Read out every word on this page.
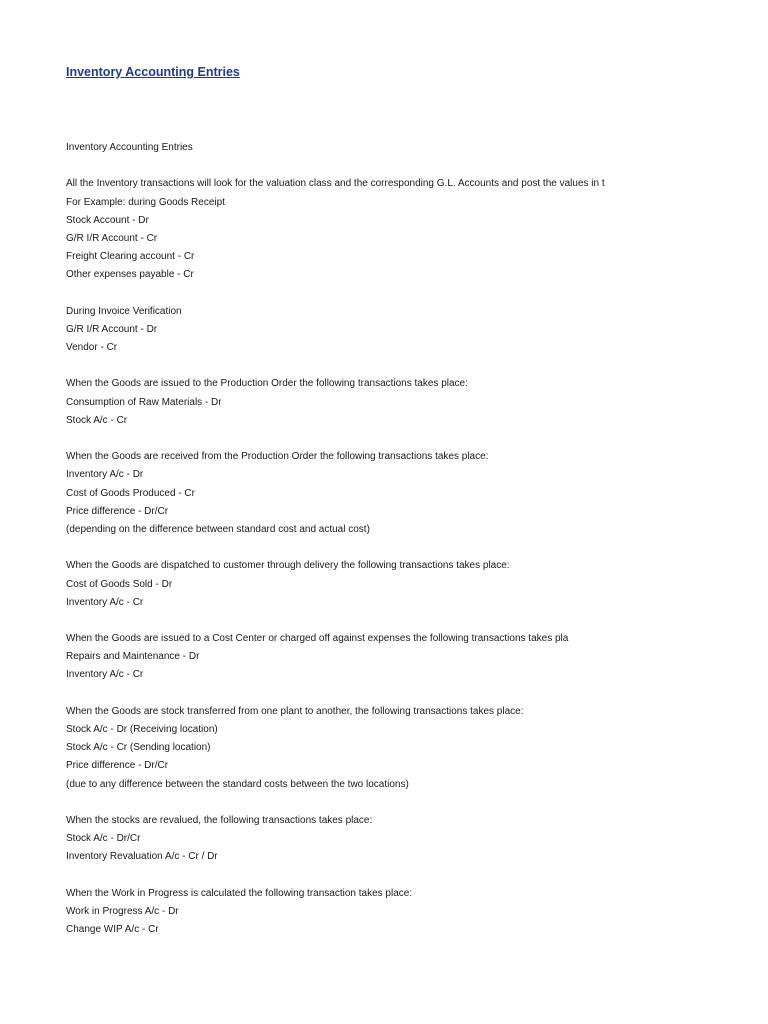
Inventory Accounting Entries
Inventory Accounting Entries
All the Inventory transactions will look for the valuation class and the corresponding G.L. Accounts and post the values in t
For Example: during Goods Receipt
Stock Account - Dr
G/R I/R Account - Cr
Freight Clearing account - Cr
Other expenses payable - Cr
During Invoice Verification
G/R I/R Account - Dr
Vendor - Cr
When the Goods are issued to the Production Order the following transactions takes place:
Consumption of Raw Materials - Dr
Stock A/c - Cr
When the Goods are received from the Production Order the following transactions takes place:
Inventory A/c - Dr
Cost of Goods Produced - Cr
Price difference - Dr/Cr
(depending on the difference between standard cost and actual cost)
When the Goods are dispatched to customer through delivery the following transactions takes place:
Cost of Goods Sold - Dr
Inventory A/c - Cr
When the Goods are issued to a Cost Center or charged off against expenses the following transactions takes pla
Repairs and Maintenance - Dr
Inventory A/c - Cr
When the Goods are stock transferred from one plant to another, the following transactions takes place:
Stock A/c - Dr (Receiving location)
Stock A/c - Cr (Sending location)
Price difference - Dr/Cr
(due to any difference between the standard costs between the two locations)
When the stocks are revalued, the following transactions takes place:
Stock A/c - Dr/Cr
Inventory Revaluation A/c - Cr / Dr
When the Work in Progress is calculated the following transaction takes place:
Work in Progress A/c - Dr
Change WIP A/c - Cr
